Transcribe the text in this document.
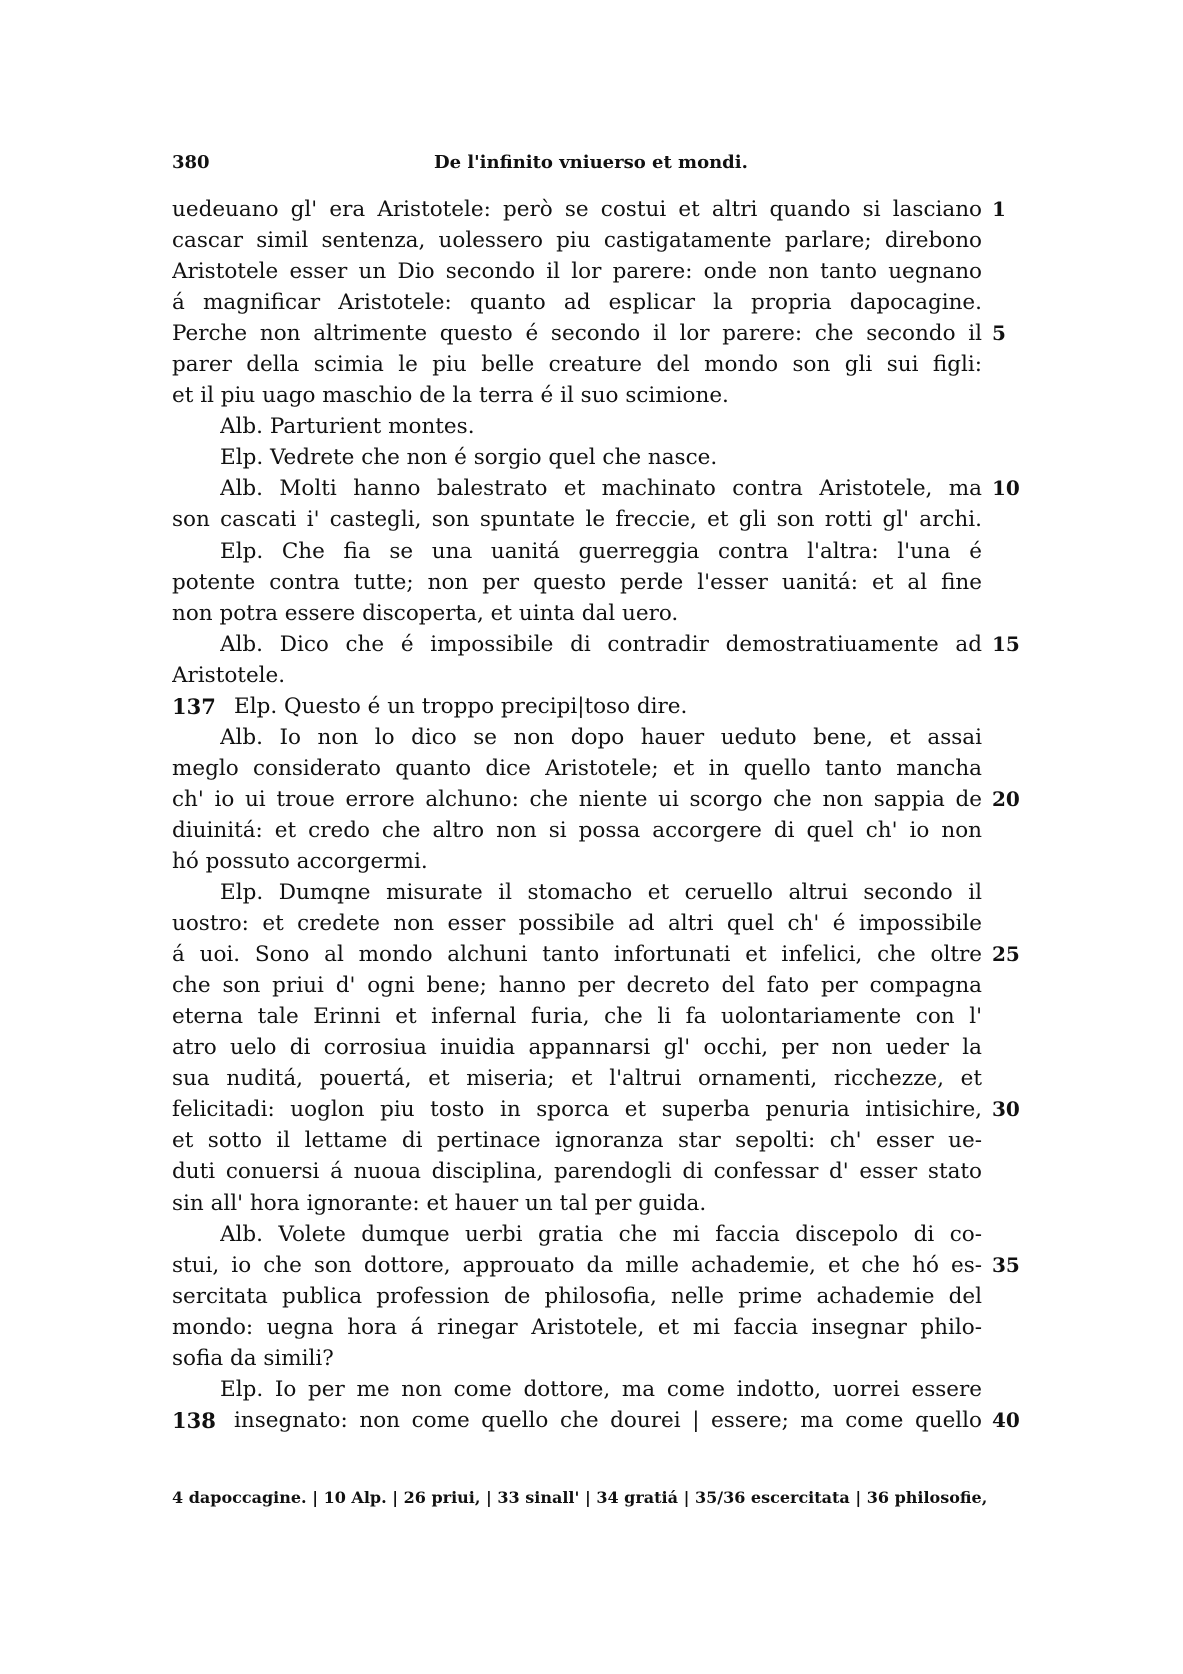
380	De l'infinito vniuerso et mondi.
uedeuano gl' era Aristotele: però se costui et altri quando si lasciano 1
cascar simil sentenza, uolessero piu castigatamente parlare; direbono
Aristotele esser un Dio secondo il lor parere: onde non tanto uegnano
á magnificar Aristotele: quanto ad esplicar la propria dapocagine.
Perche non altrimente questo é secondo il lor parere: che secondo il 5
parer della scimia le piu belle creature del mondo son gli sui figli:
et il piu uago maschio de la terra é il suo scimione.
Alb. Parturient montes.
Elp. Vedrete che non é sorgio quel che nasce.
Alb. Molti hanno balestrato et machinato contra Aristotele, ma 10
son cascati i' castegli, son spuntate le freccie, et gli son rotti gl' archi.
Elp. Che fia se una uanitá guerreggia contra l'altra: l'una é
potente contra tutte; non per questo perde l'esser uanitá: et al fine
non potra essere discoperta, et uinta dal uero.
Alb. Dico che é impossibile di contradir demostratiuamente ad 15
Aristotele.
137 Elp. Questo é un troppo precipi|toso dire.
Alb. Io non lo dico se non dopo hauer ueduto bene, et assai
meglo considerato quanto dice Aristotele; et in quello tanto mancha
ch' io ui troue errore alchuno: che niente ui scorgo che non sappia de 20
diuinitá: et credo che altro non si possa accorgere di quel ch' io non
hó possuto accorgermi.
Elp. Dumqne misurate il stomacho et ceruello altrui secondo il
uostro: et credete non esser possibile ad altri quel ch' é impossibile
á uoi. Sono al mondo alchuni tanto infortunati et infelici, che oltre 25
che son priui d' ogni bene; hanno per decreto del fato per compagna
eterna tale Erinni et infernal furia, che li fa uolontariamente con l'
atro uelo di corrosiua inuidia appannarsi gl' occhi, per non ueder la
sua nuditá, pouertá, et miseria; et l'altrui ornamenti, ricchezze, et
felicitadi: uoglon piu tosto in sporca et superba penuria intisichire, 30
et sotto il lettame di pertinace ignoranza star sepolti: ch' esser ue-
duti conuersi á nuoua disciplina, parendogli di confessar d' esser stato
sin all' hora ignorante: et hauer un tal per guida.
Alb. Volete dumque uerbi gratia che mi faccia discepolo di co-
stui, io che son dottore, approuato da mille achademie, et che hó es- 35
sercitata publica profession de philosofia, nelle prime achademie del
mondo: uegna hora á rinegar Aristotele, et mi faccia insegnar philo-
sofia da simili?
Elp. Io per me non come dottore, ma come indotto, uorrei essere
138 insegnato: non come quello che dourei | essere; ma come quello 40
4 dapoccagine. | 10 Alp. | 26 priui, | 33 sinall' | 34 gratiá | 35/36 escercitata | 36 philosofie,
